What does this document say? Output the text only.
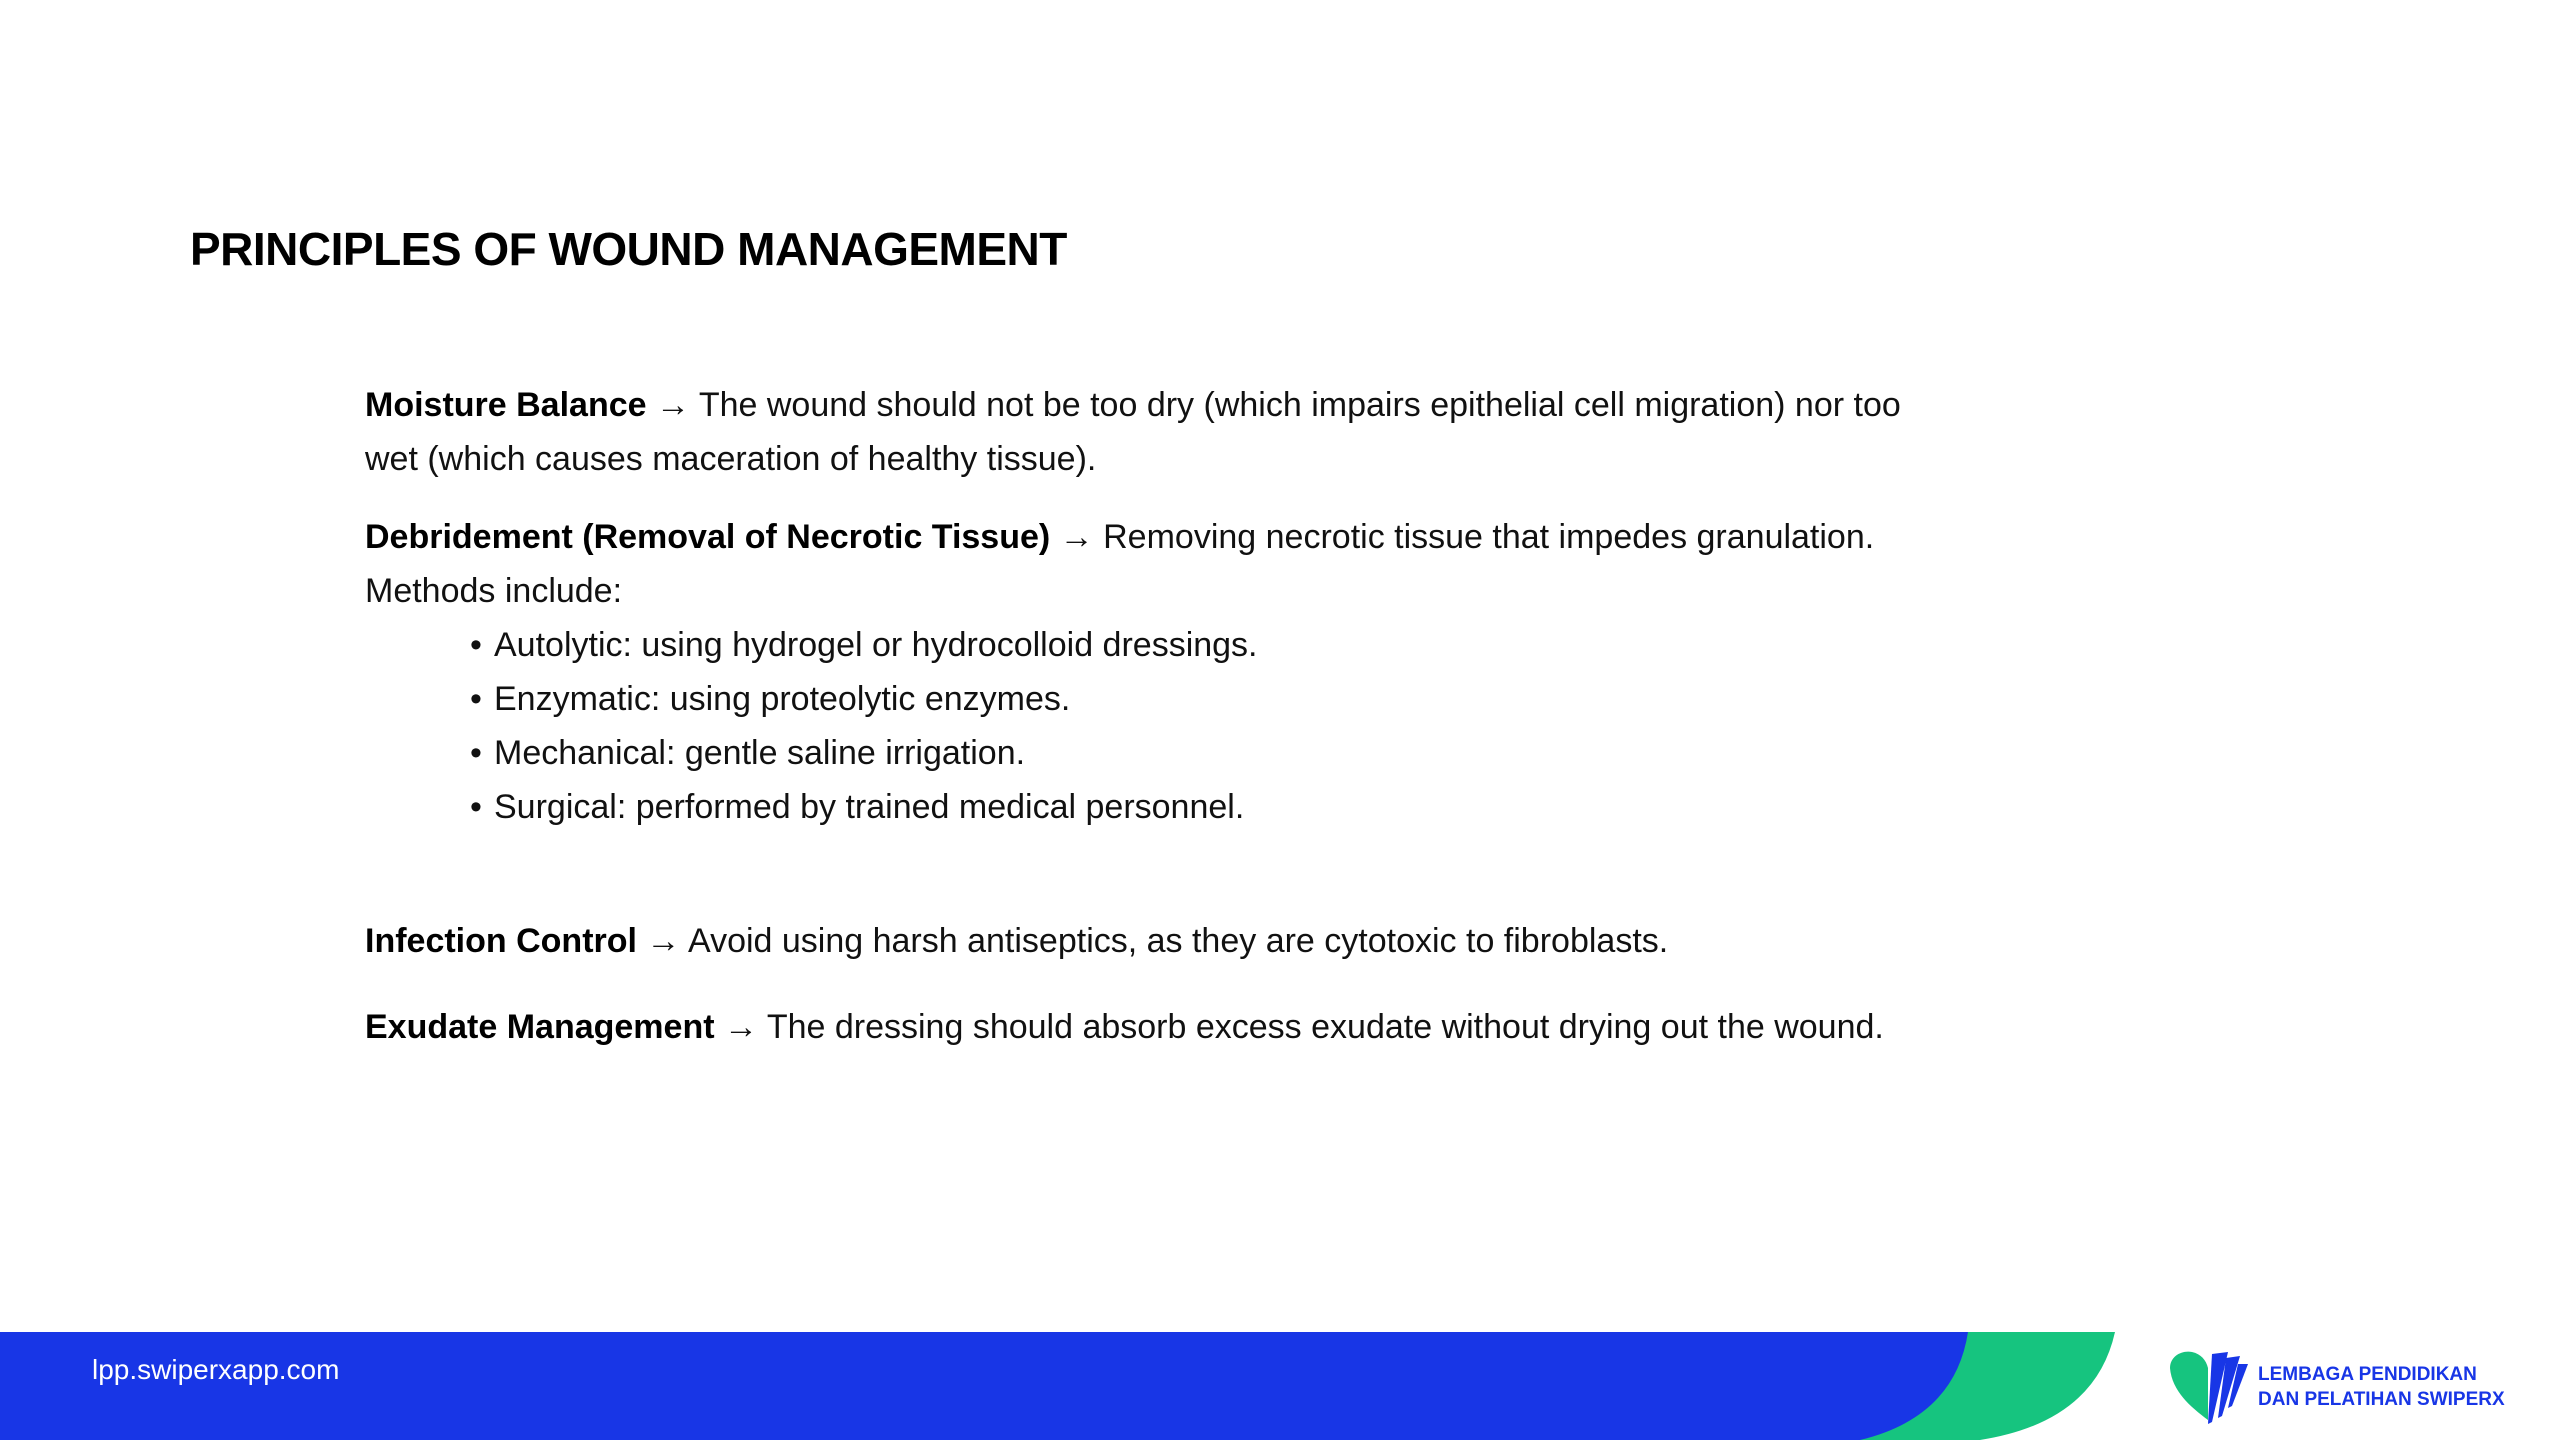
PRINCIPLES OF WOUND MANAGEMENT

Moisture Balance → The wound should not be too dry (which impairs epithelial cell migration) nor too wet (which causes maceration of healthy tissue).

Debridement (Removal of Necrotic Tissue) → Removing necrotic tissue that impedes granulation. Methods include:

• Autolytic: using hydrogel or hydrocolloid dressings.
• Enzymatic: using proteolytic enzymes.
• Mechanical: gentle saline irrigation.
• Surgical: performed by trained medical personnel.

Infection Control → Avoid using harsh antiseptics, as they are cytotoxic to fibroblasts.

Exudate Management → The dressing should absorb excess exudate without drying out the wound.

lpp.swiperxapp.com	LEMBAGA PENDIDIKAN
DAN PELATIHAN SWIPERX
